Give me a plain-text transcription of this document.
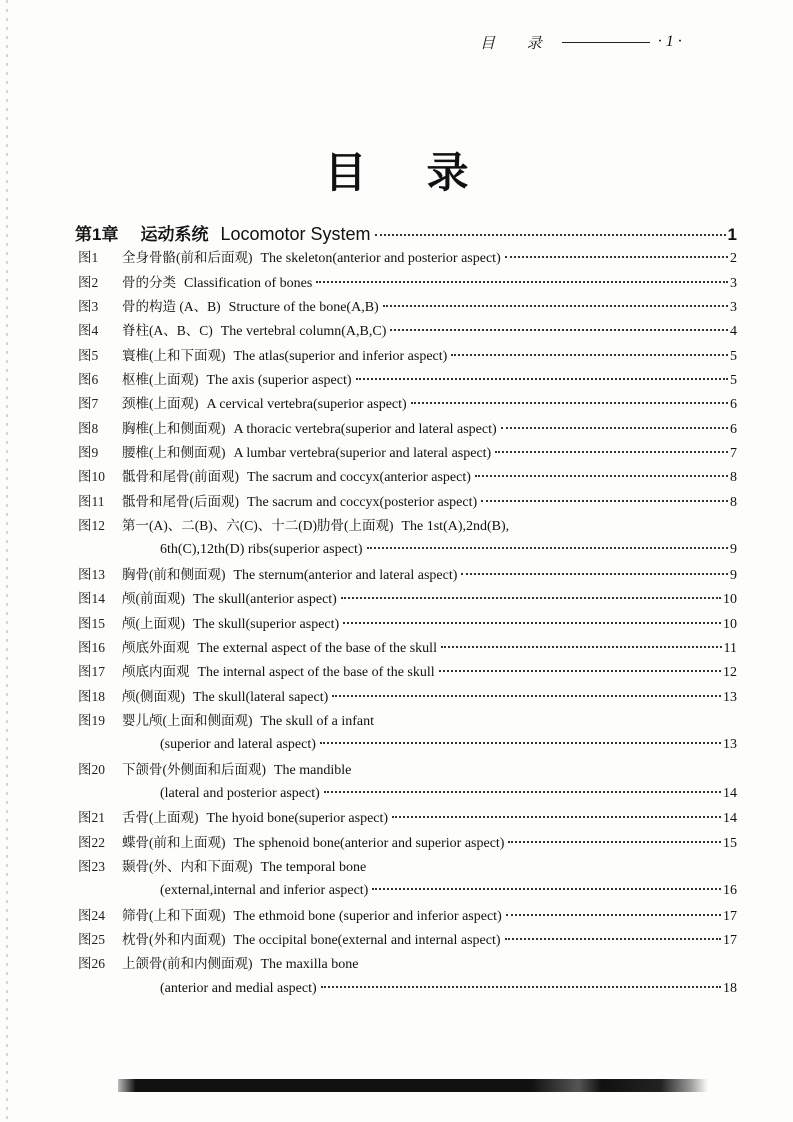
目 录	· 1 ·
目录
第1章 运动系统 Locomotor System	1
图1	全身骨骼(前和后面观) The skeleton(anterior and posterior aspect)	2
图2	骨的分类 Classification of bones	3
图3	骨的构造 (A、B) Structure of the bone(A,B)	3
图4	脊柱(A、B、C) The vertebral column(A,B,C)	4
图5	寰椎(上和下面观) The atlas(superior and inferior aspect)	5
图6	枢椎(上面观) The axis (superior aspect)	5
图7	颈椎(上面观) A cervical vertebra(superior aspect)	6
图8	胸椎(上和侧面观) A thoracic vertebra(superior and lateral aspect)	6
图9	腰椎(上和侧面观) A lumbar vertebra(superior and lateral aspect)	7
图10	骶骨和尾骨(前面观) The sacrum and coccyx(anterior aspect)	8
图11	骶骨和尾骨(后面观) The sacrum and coccyx(posterior aspect)	8
图12	第一(A)、二(B)、六(C)、十二(D)肋骨(上面观) The 1st(A),2nd(B),
6th(C),12th(D) ribs(superior aspect)	9
图13	胸骨(前和侧面观) The sternum(anterior and lateral aspect)	9
图14	颅(前面观) The skull(anterior aspect)	10
图15	颅(上面观) The skull(superior aspect)	10
图16	颅底外面观 The external aspect of the base of the skull	11
图17	颅底内面观 The internal aspect of the base of the skull	12
图18	颅(侧面观) The skull(lateral sapect)	13
图19	婴儿颅(上面和侧面观) The skull of a infant
(superior and lateral aspect)	13
图20	下颌骨(外侧面和后面观) The mandible
(lateral and posterior aspect)	14
图21	舌骨(上面观) The hyoid bone(superior aspect)	14
图22	蝶骨(前和上面观) The sphenoid bone(anterior and superior aspect)	15
图23	颞骨(外、内和下面观) The temporal bone
(external,internal and inferior aspect)	16
图24	筛骨(上和下面观) The ethmoid bone (superior and inferior aspect)	17
图25	枕骨(外和内面观) The occipital bone(external and internal aspect)	17
图26	上颌骨(前和内侧面观) The maxilla bone
(anterior and medial aspect)	18
